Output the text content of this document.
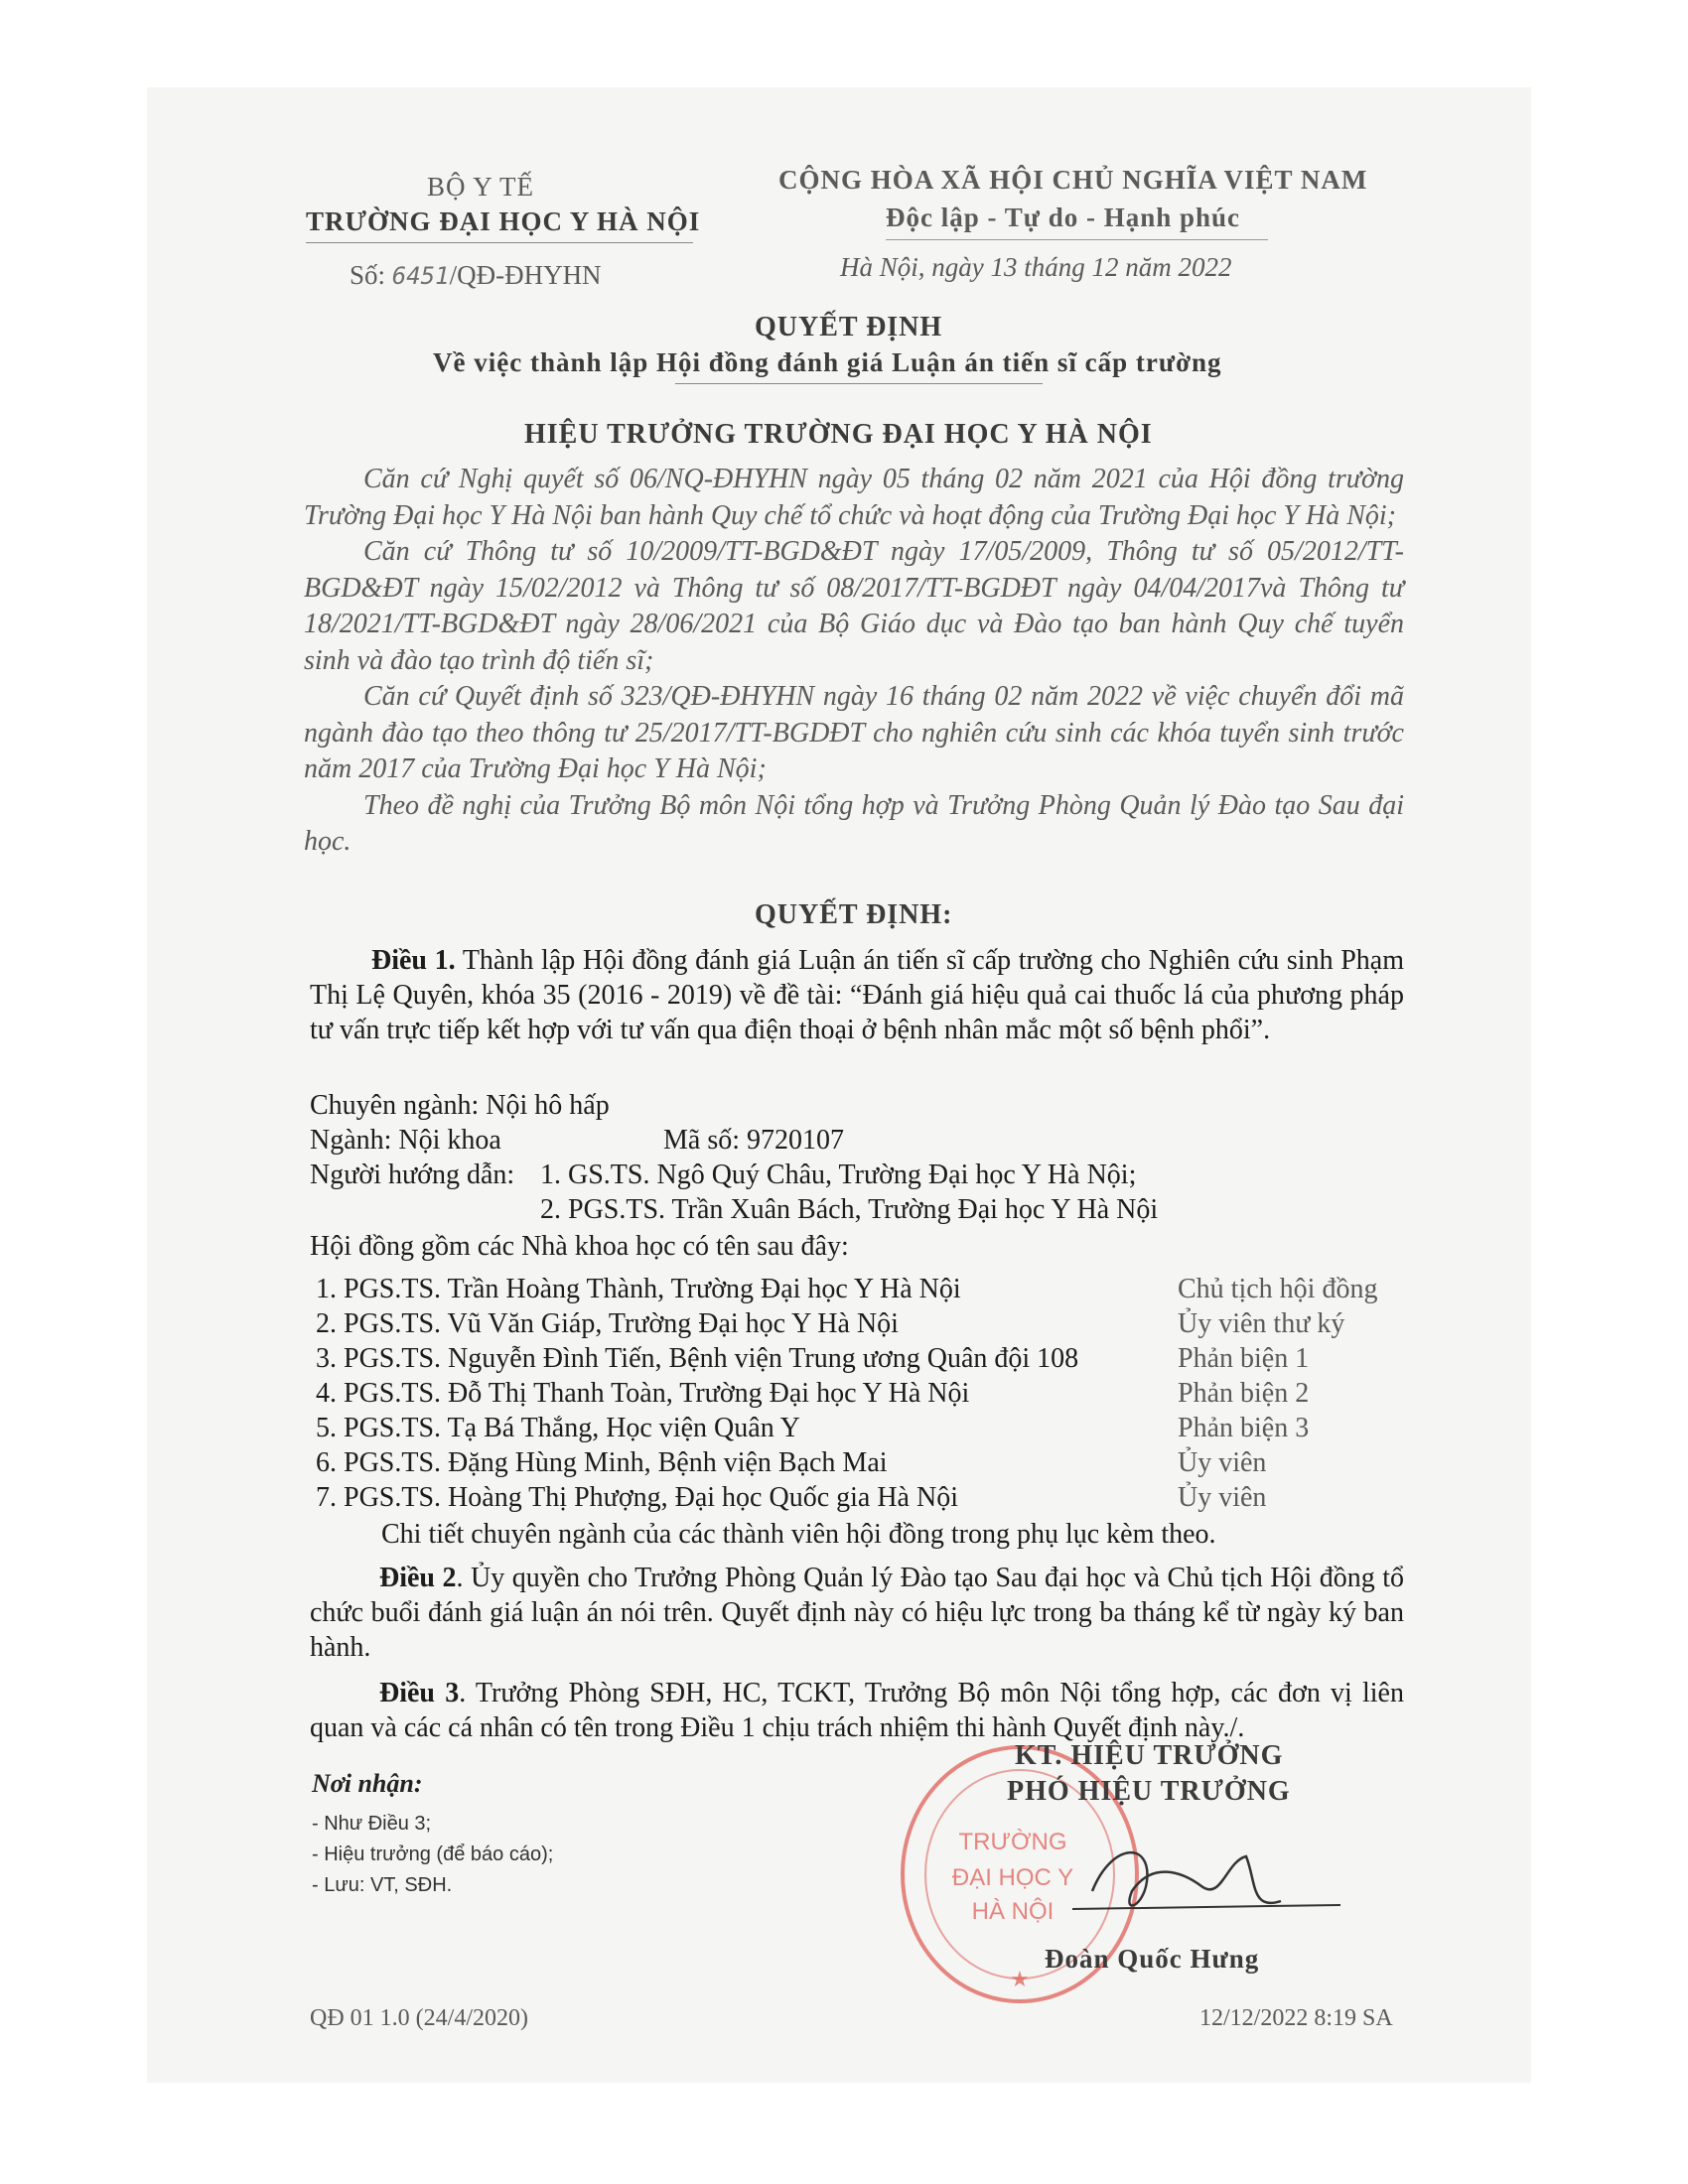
BỘ Y TẾ
TRƯỜNG ĐẠI HỌC Y HÀ NỘI
Số: 6451/QĐ-ĐHYHN
CỘNG HÒA XÃ HỘI CHỦ NGHĨA VIỆT NAM
Độc lập - Tự do - Hạnh phúc
Hà Nội, ngày 13 tháng 12 năm 2022
QUYẾT ĐỊNH
Về việc thành lập Hội đồng đánh giá Luận án tiến sĩ cấp trường
HIỆU TRƯỞNG TRƯỜNG ĐẠI HỌC Y HÀ NỘI

Căn cứ Nghị quyết số 06/NQ-ĐHYHN ngày 05 tháng 02 năm 2021 của Hội đồng trường Trường Đại học Y Hà Nội ban hành Quy chế tổ chức và hoạt động của Trường Đại học Y Hà Nội;

Căn cứ Thông tư số 10/2009/TT-BGD&ĐT ngày 17/05/2009, Thông tư số 05/2012/TT-BGD&ĐT ngày 15/02/2012 và Thông tư số 08/2017/TT-BGDĐT ngày 04/04/2017và Thông tư 18/2021/TT-BGD&ĐT ngày 28/06/2021 của Bộ Giáo dục và Đào tạo ban hành Quy chế tuyển sinh và đào tạo trình độ tiến sĩ;

Căn cứ Quyết định số 323/QĐ-ĐHYHN ngày 16 tháng 02 năm 2022 về việc chuyển đổi mã ngành đào tạo theo thông tư 25/2017/TT-BGDĐT cho nghiên cứu sinh các khóa tuyển sinh trước năm 2017 của Trường Đại học Y Hà Nội;

Theo đề nghị của Trưởng Bộ môn Nội tổng hợp và Trưởng Phòng Quản lý Đào tạo Sau đại học.

QUYẾT ĐỊNH:

Điều 1. Thành lập Hội đồng đánh giá Luận án tiến sĩ cấp trường cho Nghiên cứu sinh Phạm Thị Lệ Quyên, khóa 35 (2016 - 2019) về đề tài: “Đánh giá hiệu quả cai thuốc lá của phương pháp tư vấn trực tiếp kết hợp với tư vấn qua điện thoại ở bệnh nhân mắc một số bệnh phổi”.

Chuyên ngành: Nội hô hấp
Ngành: Nội khoa	Mã số: 9720107
Người hướng dẫn: 1. GS.TS. Ngô Quý Châu, Trường Đại học Y Hà Nội;
2. PGS.TS. Trần Xuân Bách, Trường Đại học Y Hà Nội
Hội đồng gồm các Nhà khoa học có tên sau đây:
1. PGS.TS. Trần Hoàng Thành, Trường Đại học Y Hà Nội	Chủ tịch hội đồng
2. PGS.TS. Vũ Văn Giáp, Trường Đại học Y Hà Nội	Ủy viên thư ký
3. PGS.TS. Nguyễn Đình Tiến, Bệnh viện Trung ương Quân đội 108	Phản biện 1
4. PGS.TS. Đỗ Thị Thanh Toàn, Trường Đại học Y Hà Nội	Phản biện 2
5. PGS.TS. Tạ Bá Thắng, Học viện Quân Y	Phản biện 3
6. PGS.TS. Đặng Hùng Minh, Bệnh viện Bạch Mai	Ủy viên
7. PGS.TS. Hoàng Thị Phượng, Đại học Quốc gia Hà Nội	Ủy viên
Chi tiết chuyên ngành của các thành viên hội đồng trong phụ lục kèm theo.

Điều 2. Ủy quyền cho Trưởng Phòng Quản lý Đào tạo Sau đại học và Chủ tịch Hội đồng tổ chức buổi đánh giá luận án nói trên. Quyết định này có hiệu lực trong ba tháng kể từ ngày ký ban hành.

Điều 3. Trưởng Phòng SĐH, HC, TCKT, Trưởng Bộ môn Nội tổng hợp, các đơn vị liên quan và các cá nhân có tên trong Điều 1 chịu trách nhiệm thi hành Quyết định này./.

Nơi nhận:
- Như Điều 3;
- Hiệu trưởng (để báo cáo);
- Lưu: VT, SĐH.
TRƯỜNG
ĐẠI HỌC Y
HÀ NỘI
★
KT. HIỆU TRƯỞNG
PHÓ HIỆU TRƯỞNG
Đoàn Quốc Hưng
QĐ 01 1.0 (24/4/2020)	12/12/2022 8:19 SA
